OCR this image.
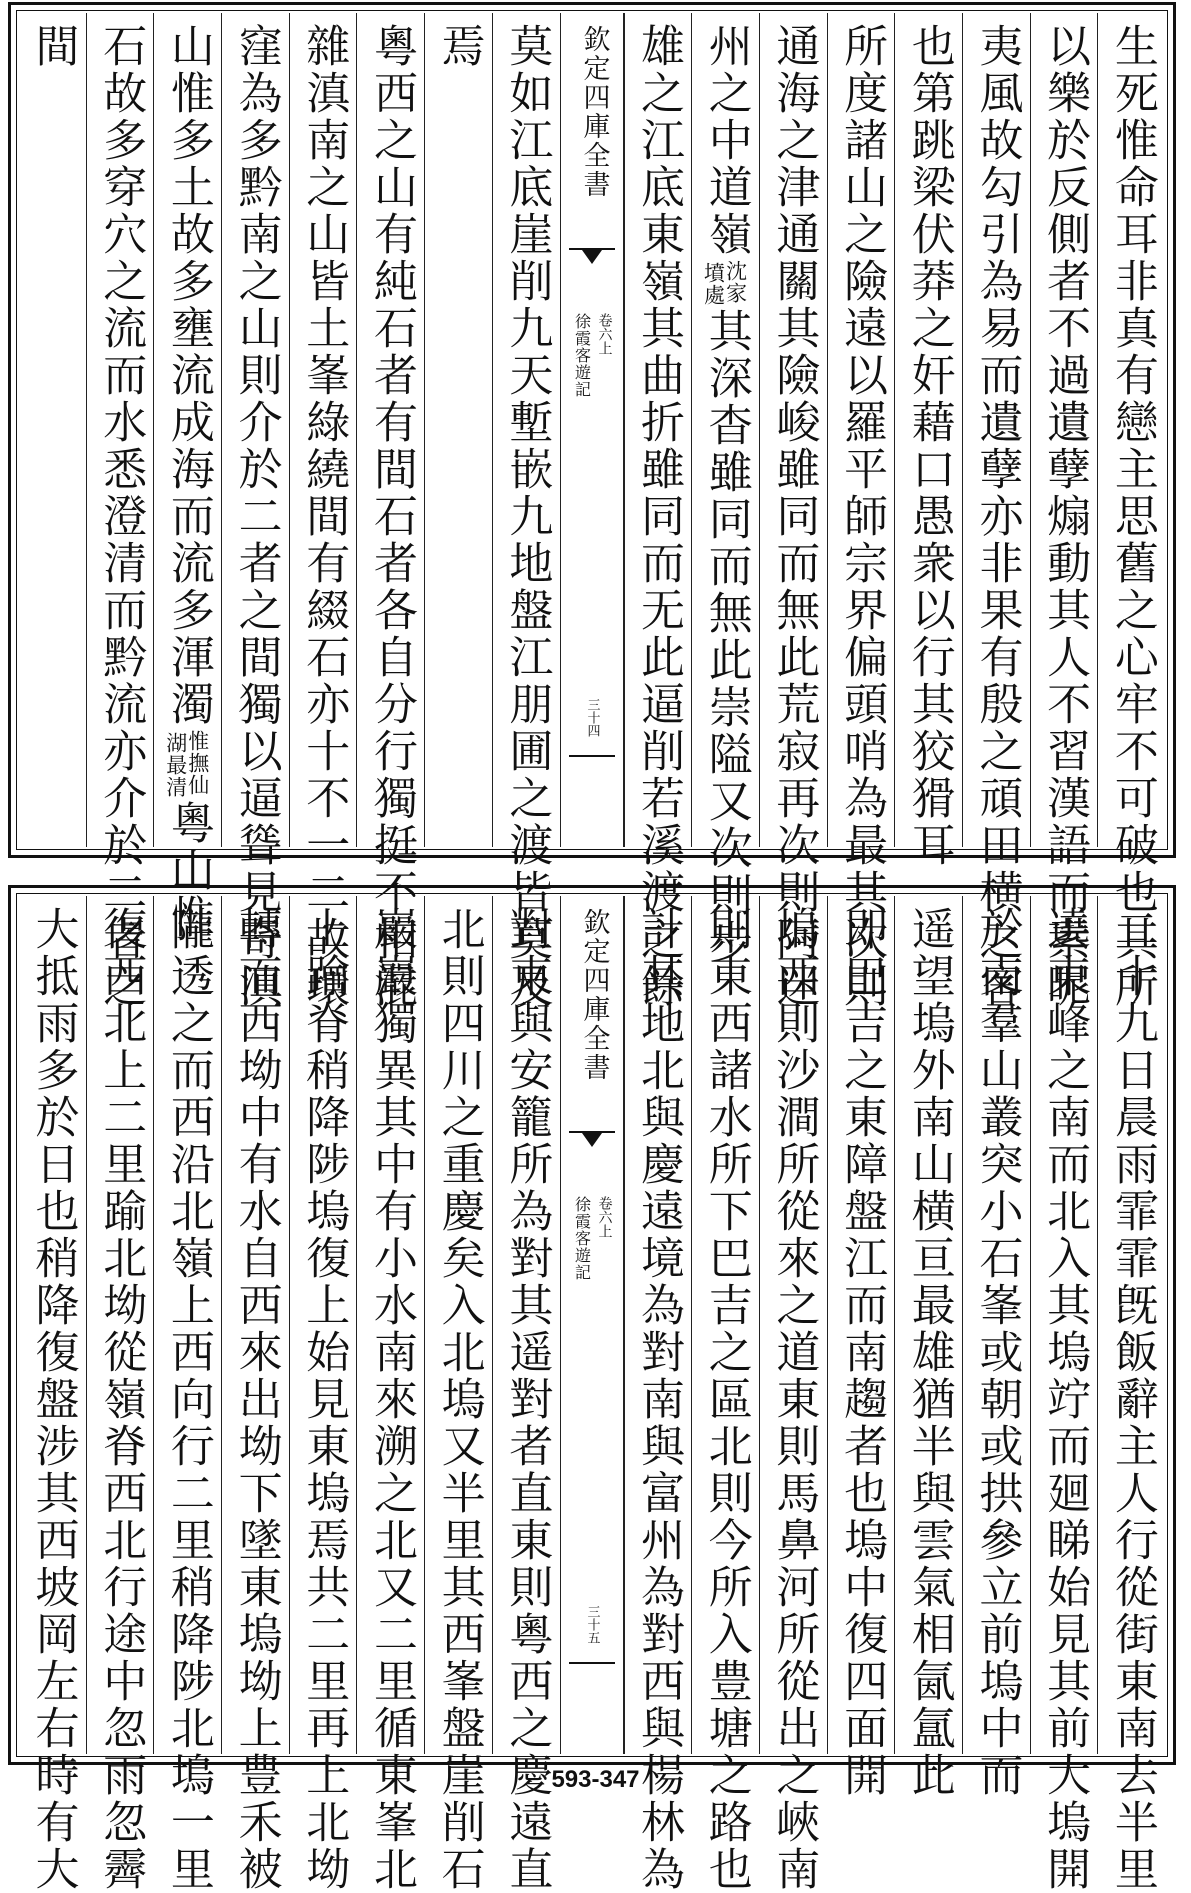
生死惟命耳非真有戀主思舊之心牢不可破也其所
以樂於反側者不過遺孽煽動其人不習漢語而素昵
夷風故勾引為易而遺孽亦非果有殷之頑田横之客
也第跳梁伏莽之奸藉口愚衆以行其狡猾耳
所度諸山之險遠以羅平師宗界偏頭哨為最其次則
通海之津通關其險峻雖同而無此荒寂再次則阿迷
州之中道嶺
沈家
墳處
其深杳雖同而無此崇隘又次則步
雄之江底東嶺其曲折雖同而无此逼削若溪渡之餘
欽定四庫全書
徐霞客遊記 卷六上
三十四
莫如江底崖削九天塹嵌九地盤江朋圃之渡皆莫及
焉
粵西之山有純石者有間石者各自分行獨挺不相混
雜滇南之山皆土峯綠繞間有綴石亦十不一二故環
窪為多黔南之山則介於二者之間獨以逼聳見奇滇
山惟多土故多壅流成海而流多渾濁
惟撫仙
湖最清
粵山惟
石故多穿穴之流而水悉澄清而黔流亦介於二者之
間
二十九日晨雨霏霏旣飯辭主人行從街東南去半里
遶東峰之南而北入其塢竚而廻睇始見其前大塢開
於南羣山叢突小石峯或朝或拱參立前塢中而
遥望塢外南山横亘最雄猶半與雲氣相氤氲此
即巴吉之東障盤江而南趨者也塢中復四面開
塢西則沙澗所從來之道東則馬鼻河所從出之峽南
則東西諸水所下巴吉之區北則今所入豊塘之路也
計其地北與慶遠境為對南與富州為對西與楊林為
欽定四庫全書
徐霞客遊記 卷六上
三十五
對東與安籠所為對其遥對者直東則粵西之慶遠直
北則四川之重慶矣入北塢又半里其西峯盤崖削石
巖巖獨異其中有小水南來溯之北又二里循東峯北
上踰脊稍降陟塢復上始見東塢焉共二里再上北坳
轉而西坳中有水自西來出坳下墜東塢坳上豊禾被
隴透之而西沿北嶺上西向行二里稍降陟北塢一里
復西北上二里踰北坳從嶺脊西北行途中忽雨忽霽
大抵雨多於日也稍降復盤涉其西坡岡左右時有大	593-347
